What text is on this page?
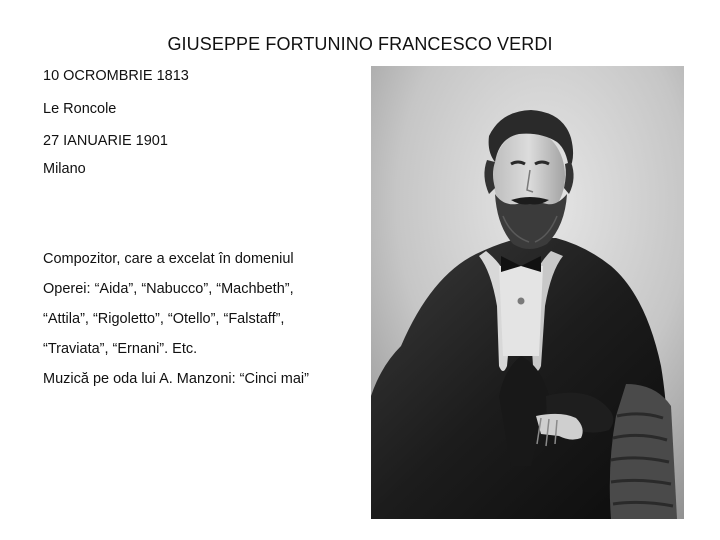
GIUSEPPE FORTUNINO FRANCESCO VERDI
10 OCROMBRIE 1813
Le Roncole
27 IANUARIE 1901
Milano
Compozitor, care a excelat în domeniul
Operei: “Aida”, “Nabucco”, “Machbeth”,
“Attila”, “Rigoletto”, “Otello”, “Falstaff”,
“Traviata”, “Ernani”. Etc.
Muzică pe oda lui A. Manzoni: “Cinci mai”
